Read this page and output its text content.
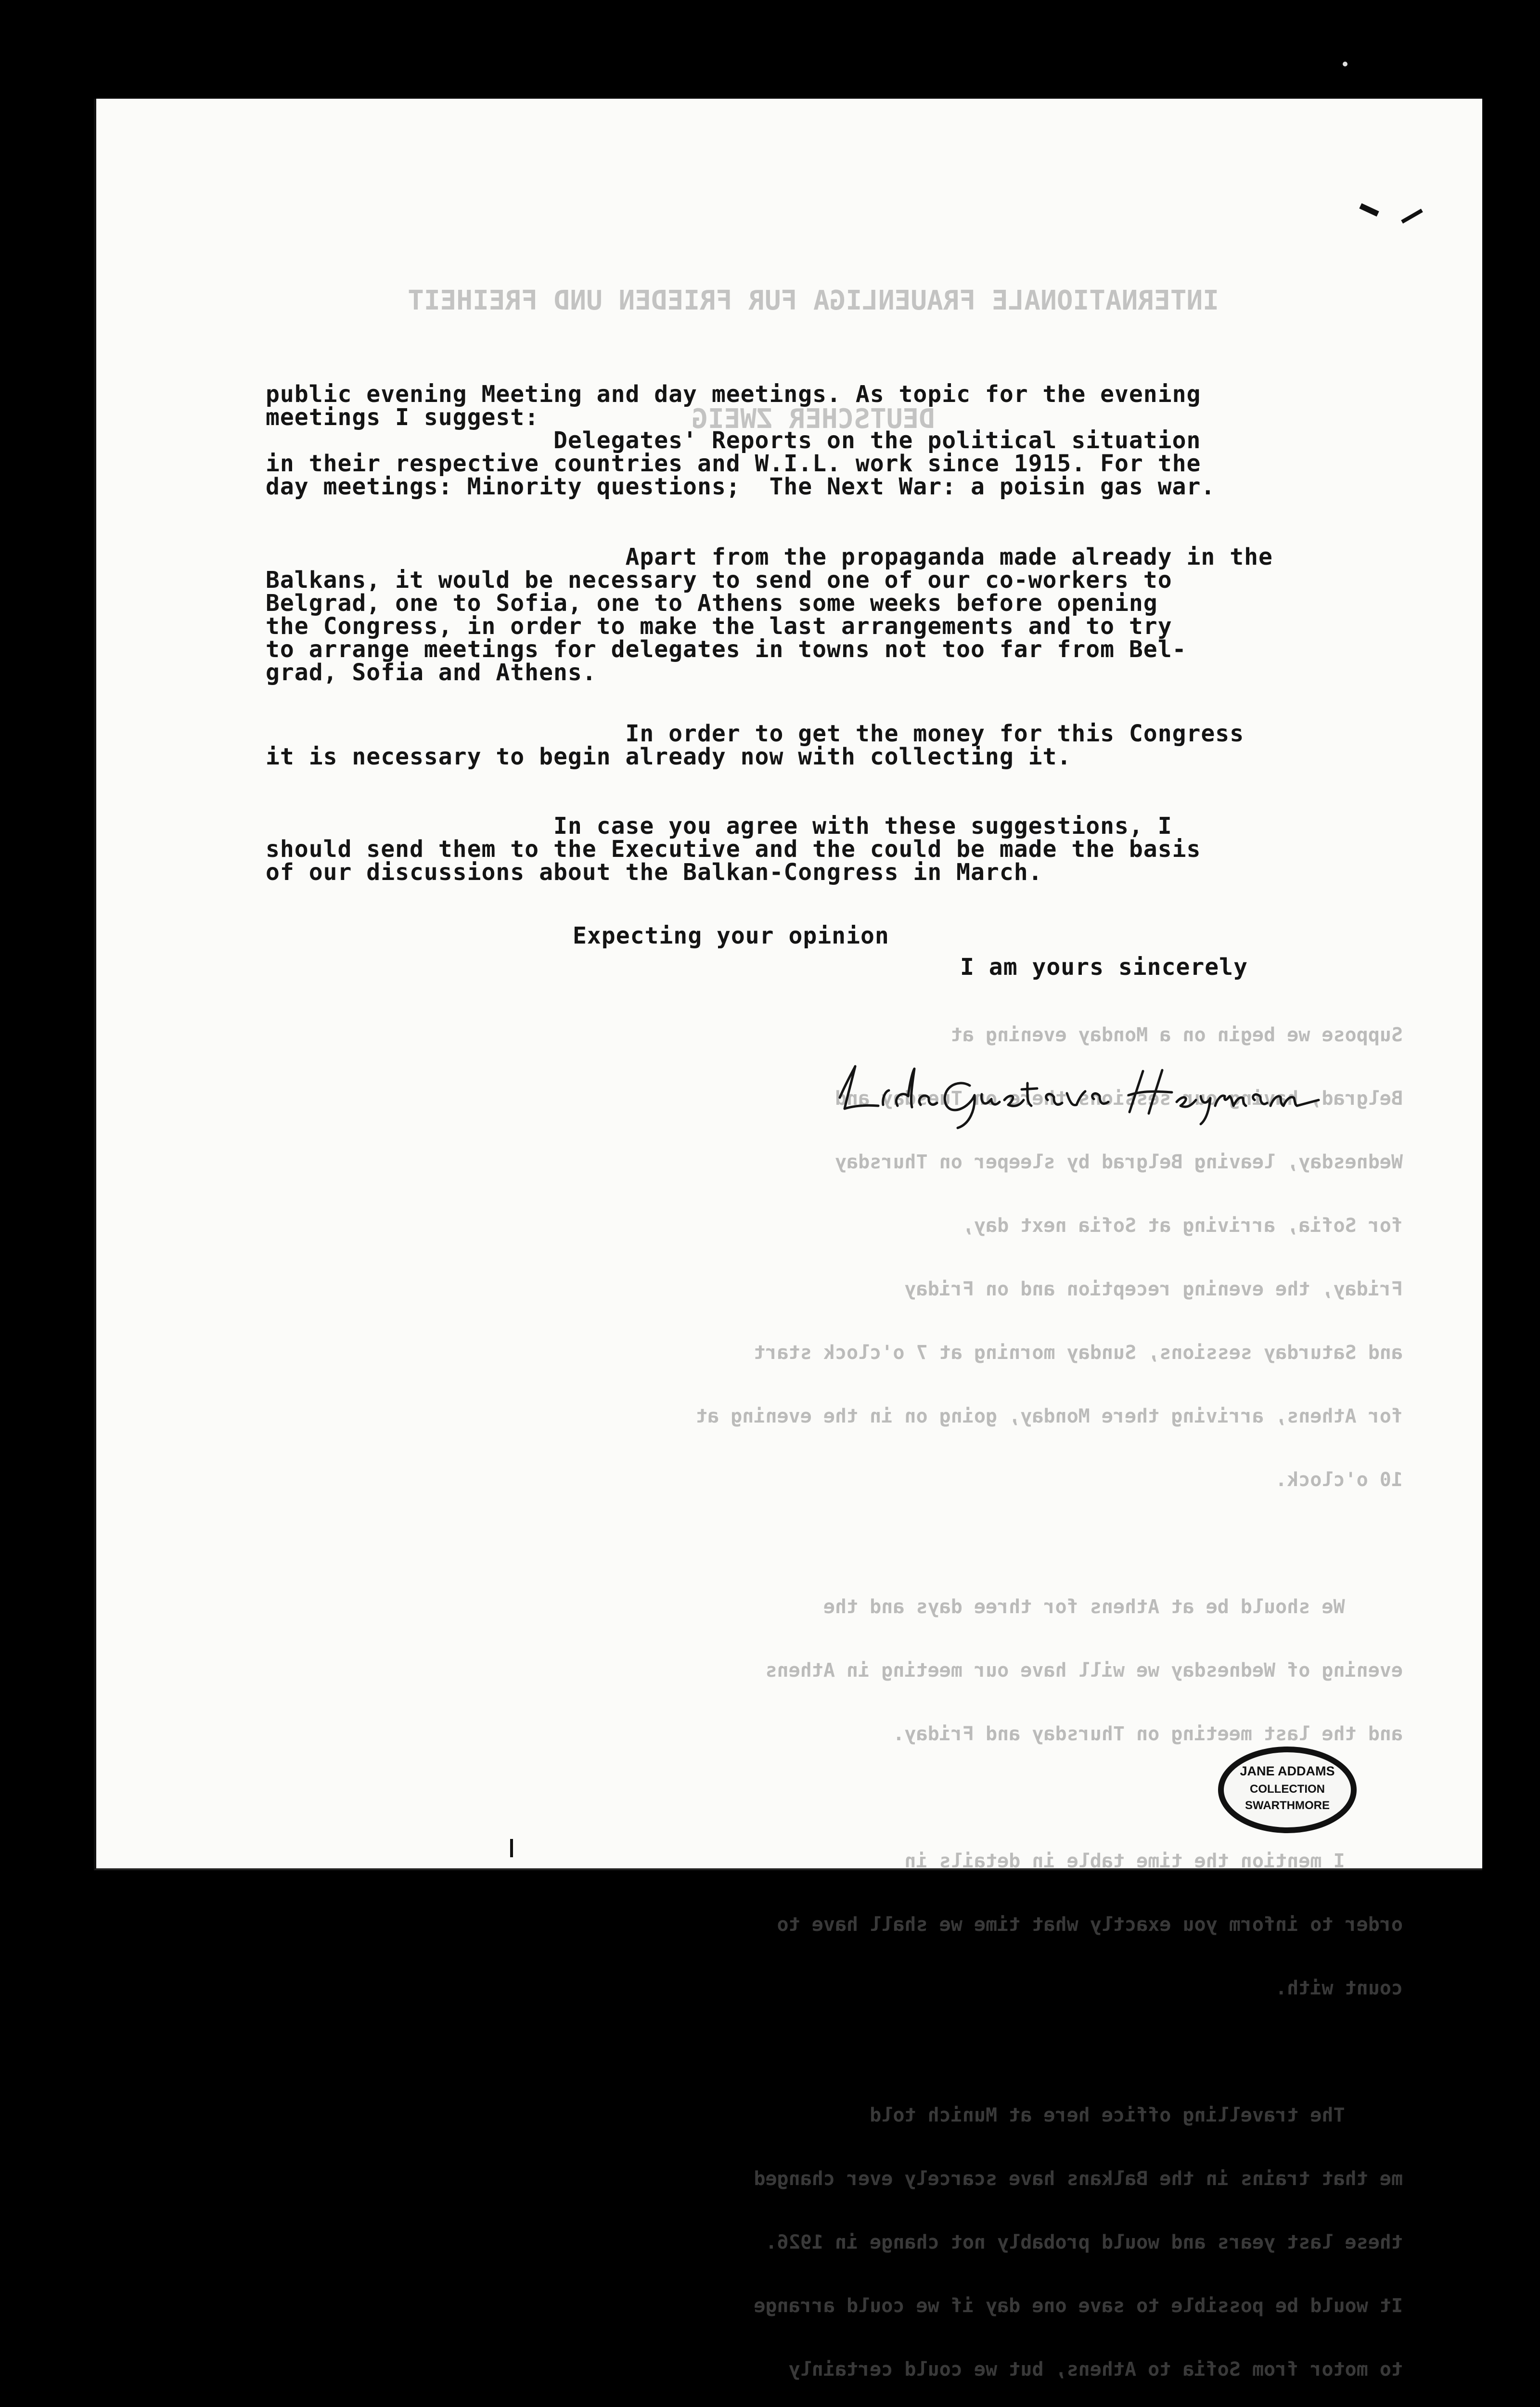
INTERNATIONALE FRAUENLIGA FUR FRIEDEN UND FREIHEIT

DEUTSCHER ZWEIG

public evening Meeting and day meetings. As topic for the evening
meetings I suggest:
Delegates' Reports on the political situation
in their respective countries and W.I.L. work since 1915. For the
day meetings: Minority questions;  The Next War: a poisin gas war.
Apart from the propaganda made already in the
Balkans, it would be necessary to send one of our co-workers to
Belgrad, one to Sofia, one to Athens some weeks before opening
the Congress, in order to make the last arrangements and to try
to arrange meetings for delegates in towns not too far from Bel-
grad, Sofia and Athens.
In order to get the money for this Congress
it is necessary to begin already now with collecting it.
In case you agree with these suggestions, I
should send them to the Executive and the could be made the basis
of our discussions about the Balkan-Congress in March.
Expecting your opinion
I am yours sincerely

Suppose we begin on a Monday evening at

Belgrad, having our sessions there on Tuesday and

Wednesday, leaving Belgrad by sleeper on Thursday

for Sofia, arriving at Sofia next day,

Friday, the evening reception and on Friday

and Saturday sessions, Sunday morning at 7 o'clock start

for Athens, arriving there Monday, going on in the evening at

10 o'clock.

We should be at Athens for three days and the

evening of Wednesday we will have our meeting in Athens

and the last meeting on Thursday and Friday.

I mention the time table in details in

order to inform you exactly what time we shall have to

count with.

The travelling office here at Munich told

me that trains in the Balkans have scarcely ever changed

these last years and would probably not change in 1926.

It would be possible to save one day if we could arrange

to motor from Sofia to Athens, but we could certainly

JANE ADDAMS
COLLECTION
SWARTHMORE
